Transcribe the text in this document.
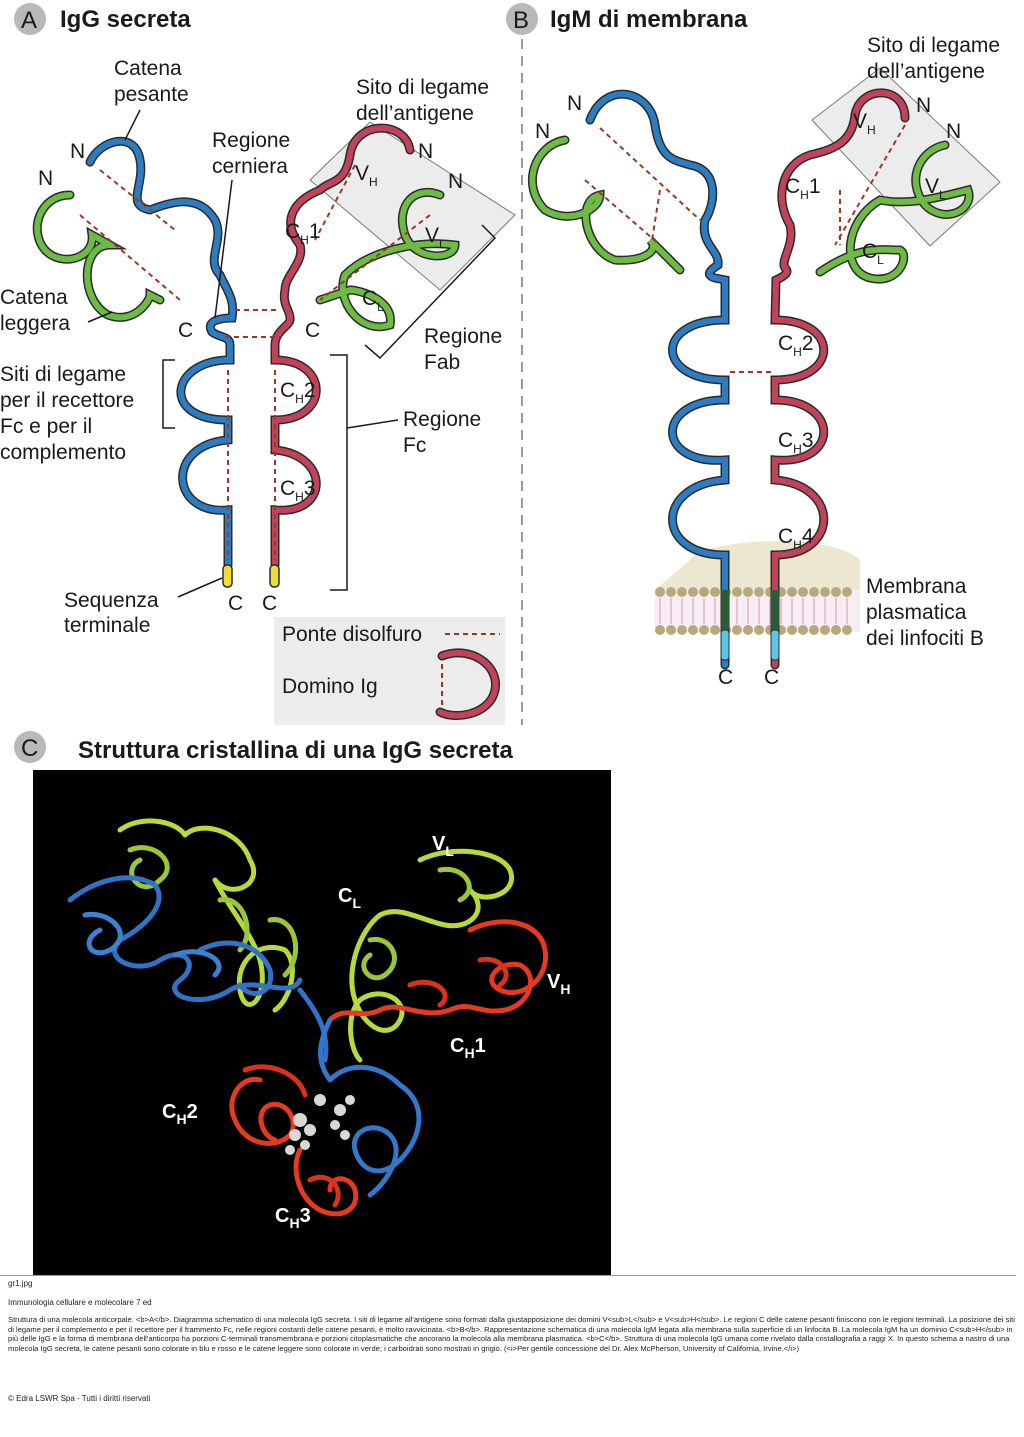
A IgG secreta
$V_H$
$V_L$
$C_H1$
$C_L$
$C_H2$
$C_H3$
N
N
N
N
C	C
C C
Catena
pesante
Catena
leggera
Regione
cerniera
Sito di legame
dell’antigene
Regione
Fab
Regione
Fc
Siti di legame
per il recettore
Fc e per il
complemento
Sequenza
terminale	Ponte disolfuro
Domino Ig
B IgM di membrana
$V_H$
$V_L$
$C_H1$
$C_L$
$C_H2$
$C_H3$
$C_H4$
N
N
N
N
C C
Sito di legame
dell’antigene
Membrana
plasmatica
dei linfociti B
C Struttura cristallina di una IgG secreta
$V_L$
$C_L$
$V_H$
$C_H1$
$C_H2$
$C_H3$
gr1.jpg
Immunologia cellulare e molecolare 7 ed
Struttura di una molecola anticorpale. <b>A</b>. Diagramma schematico di una molecola IgG secreta. I siti di legame all'antigene sono formati dalla giustapposizione dei domini V<sub>L</sub> e V<sub>H</sub>. Le regioni C delle catene pesanti finiscono con le regioni terminali. La posizione dei siti di legame per il complemento e per il recettore per il frammento Fc, nelle regioni costanti delle catene pesanti, è molto ravvicinata. <b>B</b>. Rappresentazione schematica di una molecola IgM legata alla membrana sulla superficie di un linfocita B. La molecola IgM ha un dominio C<sub>H</sub> in più delle IgG e la forma di membrana dell'anticorpo ha porzioni C-terminali transmembrana e porzioni citoplasmatiche che ancorano la molecola alla membrana plasmatica. <b>C</b>. Struttura di una molecola IgG umana come rivelato dalla cristallografia a raggi X. In questo schema a nastro di una molecola IgG secreta, le catene pesanti sono colorate in blu e rosso e le catene leggere sono colorate in verde; i carboidrati sono mostrati in grigio. (<i>Per gentile concessione del Dr. Alex McPherson, University of California, Irvine.</i>)
© Edra LSWR Spa - Tutti i diritti riservati
